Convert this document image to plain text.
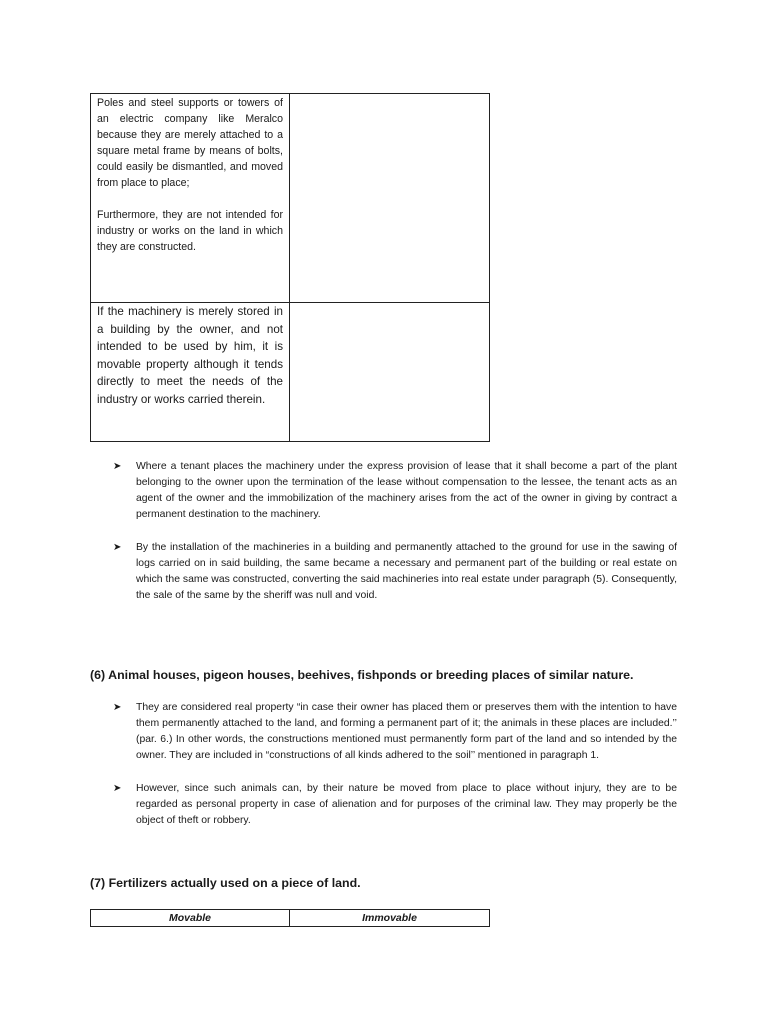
Poles and steel supports or towers of an electric company like Meralco because they are merely attached to a square metal frame by means of bolts, could easily be dismantled, and moved from place to place;

Furthermore, they are not intended for industry or works on the land in which they are constructed.	

If the machinery is merely stored in a building by the owner, and not intended to be used by him, it is movable property although it tends directly to meet the needs of the industry or works carried therein.	
➤ Where a tenant places the machinery under the express provision of lease that it shall become a part of the plant belonging to the owner upon the termination of the lease without compensation to the lessee, the tenant acts as an agent of the owner and the immobilization of the machinery arises from the act of the owner in giving by contract a permanent destination to the machinery.
➤ By the installation of the machineries in a building and permanently attached to the ground for use in the sawing of logs carried on in said building, the same became a necessary and permanent part of the building or real estate on which the same was constructed, converting the said machineries into real estate under paragraph (5). Consequently, the sale of the same by the sheriff was null and void.
(6) Animal houses, pigeon houses, beehives, fishponds or breeding places of similar nature.
➤ They are considered real property “in case their owner has placed them or preserves them with the intention to have them permanently attached to the land, and forming a permanent part of it; the animals in these places are included.’’ (par. 6.) In other words, the constructions mentioned must permanently form part of the land and so intended by the owner. They are included in “constructions of all kinds adhered to the soil’’ mentioned in paragraph 1.
➤ However, since such animals can, by their nature be moved from place to place without injury, they are to be regarded as personal property in case of alienation and for purposes of the criminal law. They may properly be the object of theft or robbery.
(7) Fertilizers actually used on a piece of land.
Movable	Immovable
